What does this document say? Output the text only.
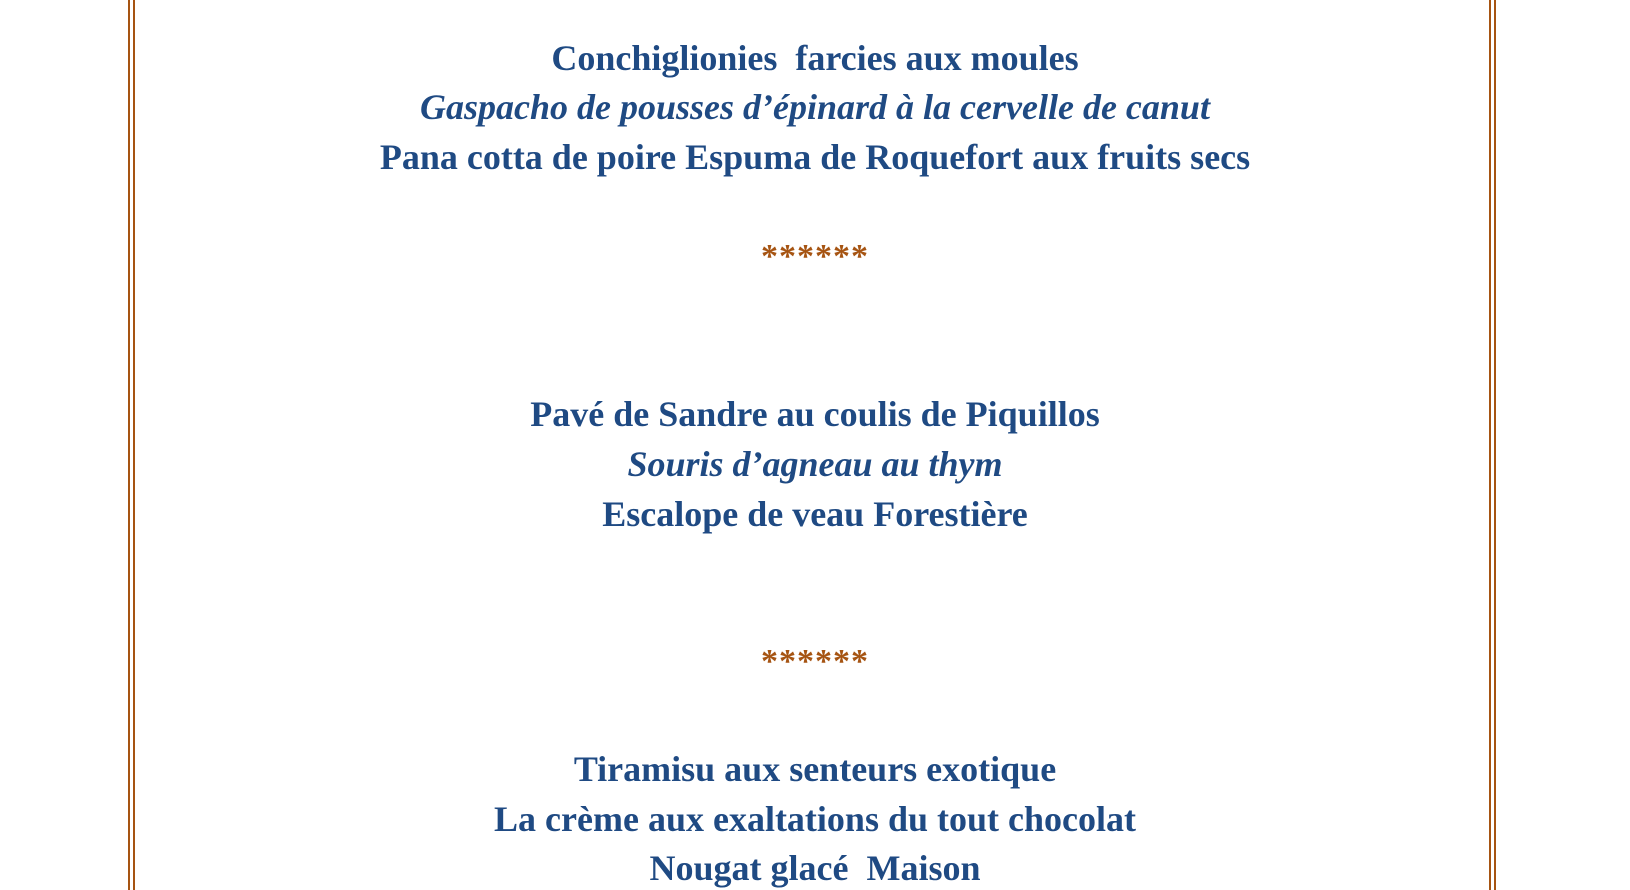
Conchiglionies  farcies aux moules
Gaspacho de pousses d’épinard à la cervelle de canut
Pana cotta de poire Espuma de Roquefort aux fruits secs
******
Pavé de Sandre au coulis de Piquillos
Souris d’agneau au thym
Escalope de veau Forestière
******
Tiramisu aux senteurs exotique
La crème aux exaltations du tout chocolat
Nougat glacé  Maison
